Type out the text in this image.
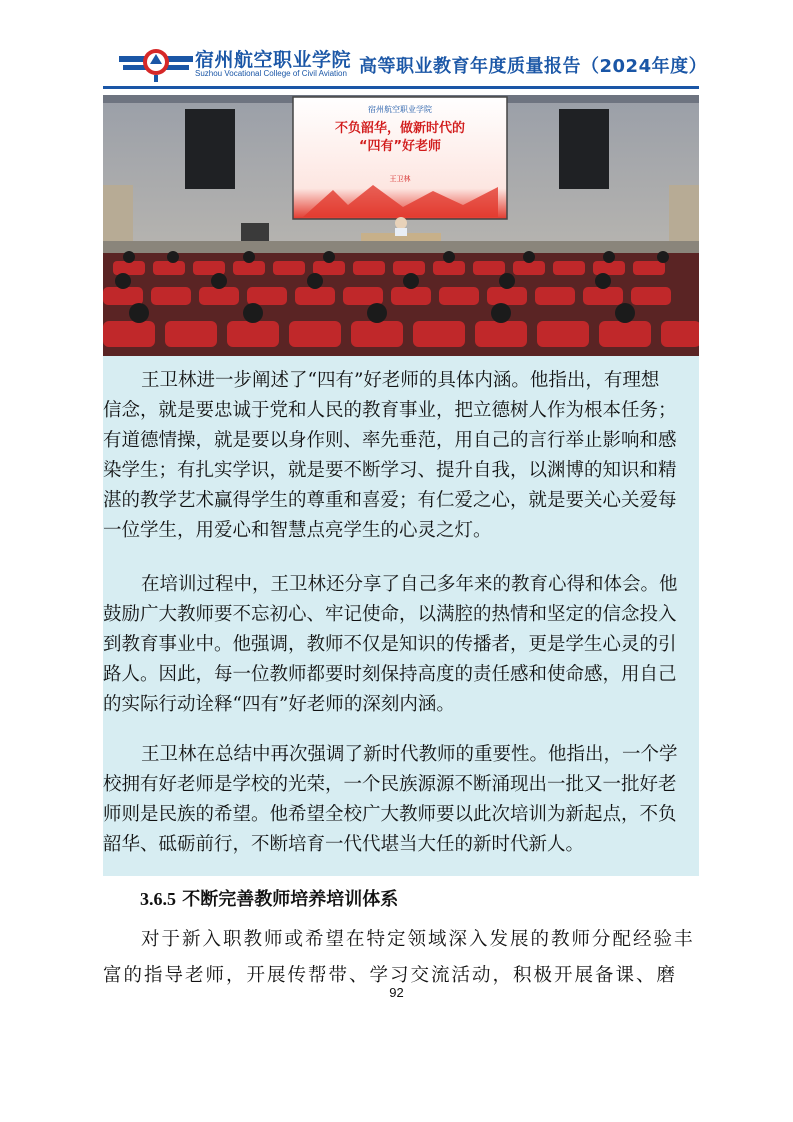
宿州航空职业学院
Suzhou Vocational College of Civil Aviation 高等职业教育年度质量报告（2024年度）
宿州航空职业学院
不负韶华，做新时代的
“四有”好老师
王卫林
王卫林进一步阐述了“四有”好老师的具体内涵。他指出，有理想
信念，就是要忠诚于党和人民的教育事业，把立德树人作为根本任务；
有道德情操，就是要以身作则、率先垂范，用自己的言行举止影响和感
染学生；有扎实学识，就是要不断学习、提升自我，以渊博的知识和精
湛的教学艺术赢得学生的尊重和喜爱；有仁爱之心，就是要关心关爱每
一位学生，用爱心和智慧点亮学生的心灵之灯。
在培训过程中，王卫林还分享了自己多年来的教育心得和体会。他
鼓励广大教师要不忘初心、牢记使命，以满腔的热情和坚定的信念投入
到教育事业中。他强调，教师不仅是知识的传播者，更是学生心灵的引
路人。因此，每一位教师都要时刻保持高度的责任感和使命感，用自己
的实际行动诠释“四有”好老师的深刻内涵。
王卫林在总结中再次强调了新时代教师的重要性。他指出，一个学
校拥有好老师是学校的光荣，一个民族源源不断涌现出一批又一批好老
师则是民族的希望。他希望全校广大教师要以此次培训为新起点，不负
韶华、砥砺前行，不断培育一代代堪当大任的新时代新人。
3.6.5 不断完善教师培养培训体系
对于新入职教师或希望在特定领域深入发展的教师分配经验丰
富的指导老师，开展传帮带、学习交流活动，积极开展备课、磨
92
